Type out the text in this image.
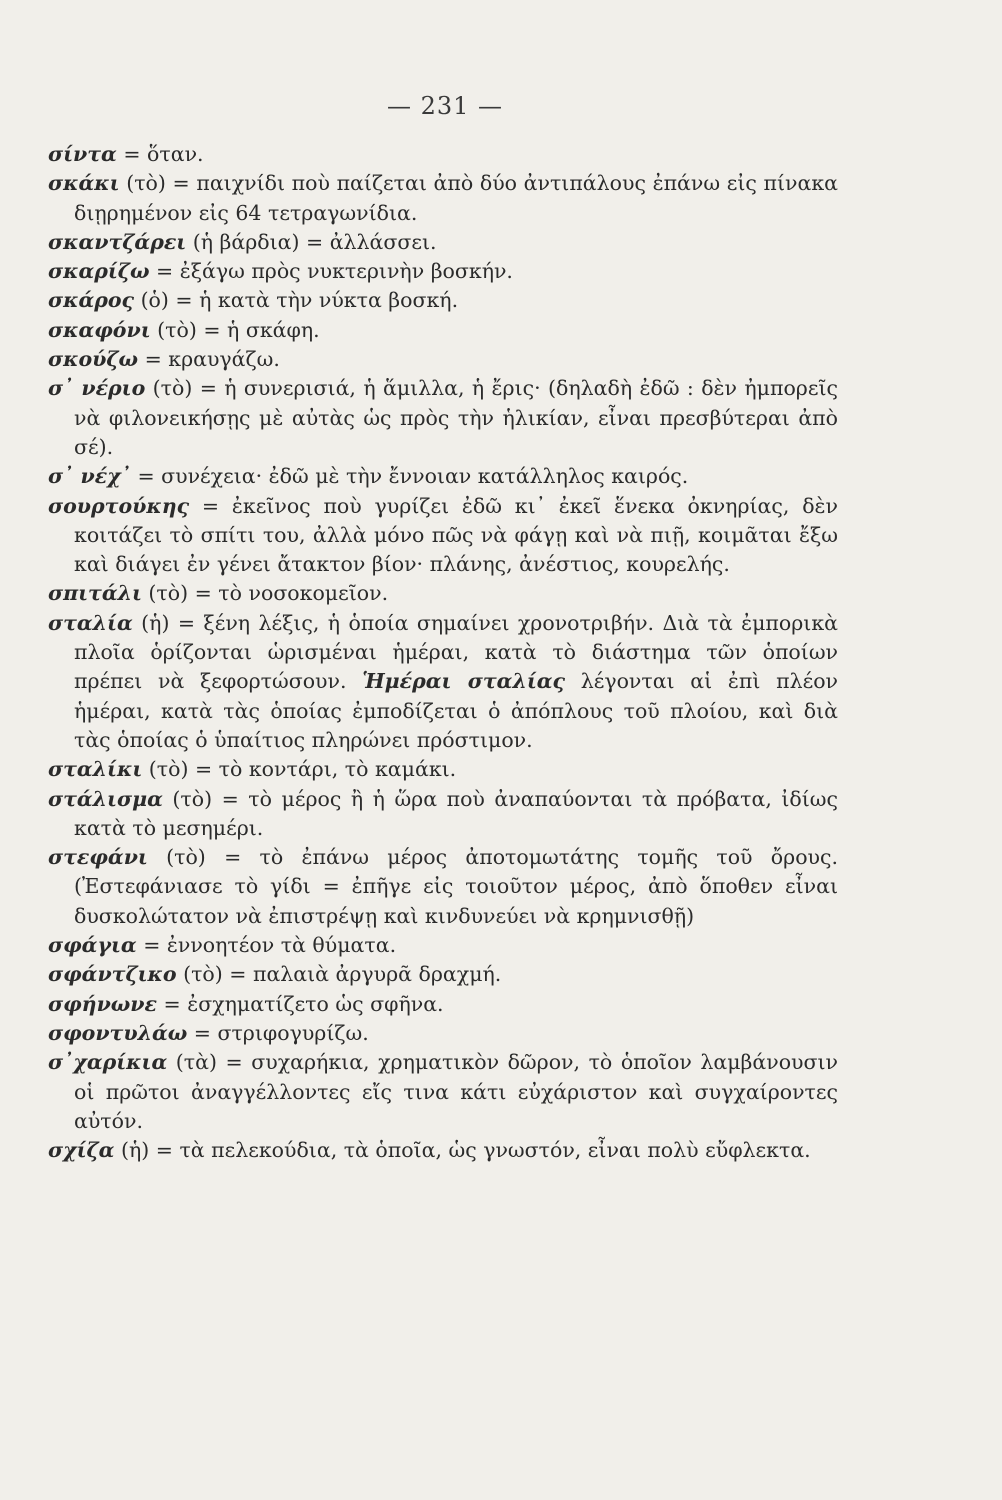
— 231 —

σίντα = ὅταν.

σκάκι (τὸ) = παιχνίδι ποὺ παίζεται ἀπὸ δύο ἀντιπάλους ἐπάνω εἰς πίνακα διῃρημένον εἰς 64 τετραγωνίδια.

σκαντζάρει (ἡ βάρδια) = ἀλλάσσει.

σκαρίζω = ἐξάγω πρὸς νυκτερινὴν βοσκήν.

σκάρος (ὁ) = ἡ κατὰ τὴν νύκτα βοσκή.

σκαφόνι (τὸ) = ἡ σκάφη.

σκούζω = κραυγάζω.

σ᾿ νέριο (τὸ) = ἡ συνερισιά, ἡ ἅμιλλα, ἡ ἔρις· (δηλαδὴ ἐδῶ : δὲν ἠμπορεῖς νὰ φιλονεικήσῃς μὲ αὐτὰς ὡς πρὸς τὴν ἡλικίαν, εἶναι πρεσβύτεραι ἀπὸ σέ).

σ᾿ νέχ᾿ = συνέχεια· ἐδῶ μὲ τὴν ἔννοιαν κατάλληλος καιρός.

σουρτούκης = ἐκεῖνος ποὺ γυρίζει ἐδῶ κι᾿ ἐκεῖ ἕνεκα ὀκνηρίας, δὲν κοιτάζει τὸ σπίτι του, ἀλλὰ μόνο πῶς νὰ φάγῃ καὶ νὰ πιῇ, κοιμᾶται ἔξω καὶ διάγει ἐν γένει ἄτακτον βίον· πλάνης, ἀνέστιος, κουρελής.

σπιτάλι (τὸ) = τὸ νοσοκομεῖον.

σταλία (ἡ) = ξένη λέξις, ἡ ὁποία σημαίνει χρονοτριβήν. Διὰ τὰ ἐμπορικὰ πλοῖα ὁρίζονται ὡρισμέναι ἡμέραι, κατὰ τὸ διάστημα τῶν ὁποίων πρέπει νὰ ξεφορτώσουν. Ἡμέραι σταλίας λέγονται αἱ ἐπὶ πλέον ἡμέραι, κατὰ τὰς ὁποίας ἐμποδίζεται ὁ ἀπόπλους τοῦ πλοίου, καὶ διὰ τὰς ὁποίας ὁ ὑπαίτιος πληρώνει πρόστιμον.

σταλίκι (τὸ) = τὸ κοντάρι, τὸ καμάκι.

στάλισμα (τὸ) = τὸ μέρος ἢ ἡ ὥρα ποὺ ἀναπαύονται τὰ πρόβατα, ἰδίως κατὰ τὸ μεσημέρι.

στεφάνι (τὸ) = τὸ ἐπάνω μέρος ἀποτομωτάτης τομῆς τοῦ ὄρους. (Ἐστεφάνιασε τὸ γίδι = ἐπῆγε εἰς τοιοῦτον μέρος, ἀπὸ ὅποθεν εἶναι δυσκολώτατον νὰ ἐπιστρέψῃ καὶ κινδυνεύει νὰ κρημνισθῇ)

σφάγια = ἐννοητέον τὰ θύματα.

σφάντζικο (τὸ) = παλαιὰ ἀργυρᾶ δραχμή.

σφήνωνε = ἐσχηματίζετο ὡς σφῆνα.

σφοντυλάω = στριφογυρίζω.

σ᾿χαρίκια (τὰ) = συχαρήκια, χρηματικὸν δῶρον, τὸ ὁποῖον λαμβάνουσιν οἱ πρῶτοι ἀναγγέλλοντες εἴς τινα κάτι εὐχάριστον καὶ συγχαίροντες αὐτόν.

σχίζα (ἡ) = τὰ πελεκούδια, τὰ ὁποῖα, ὡς γνωστόν, εἶναι πολὺ εὔφλεκτα.
